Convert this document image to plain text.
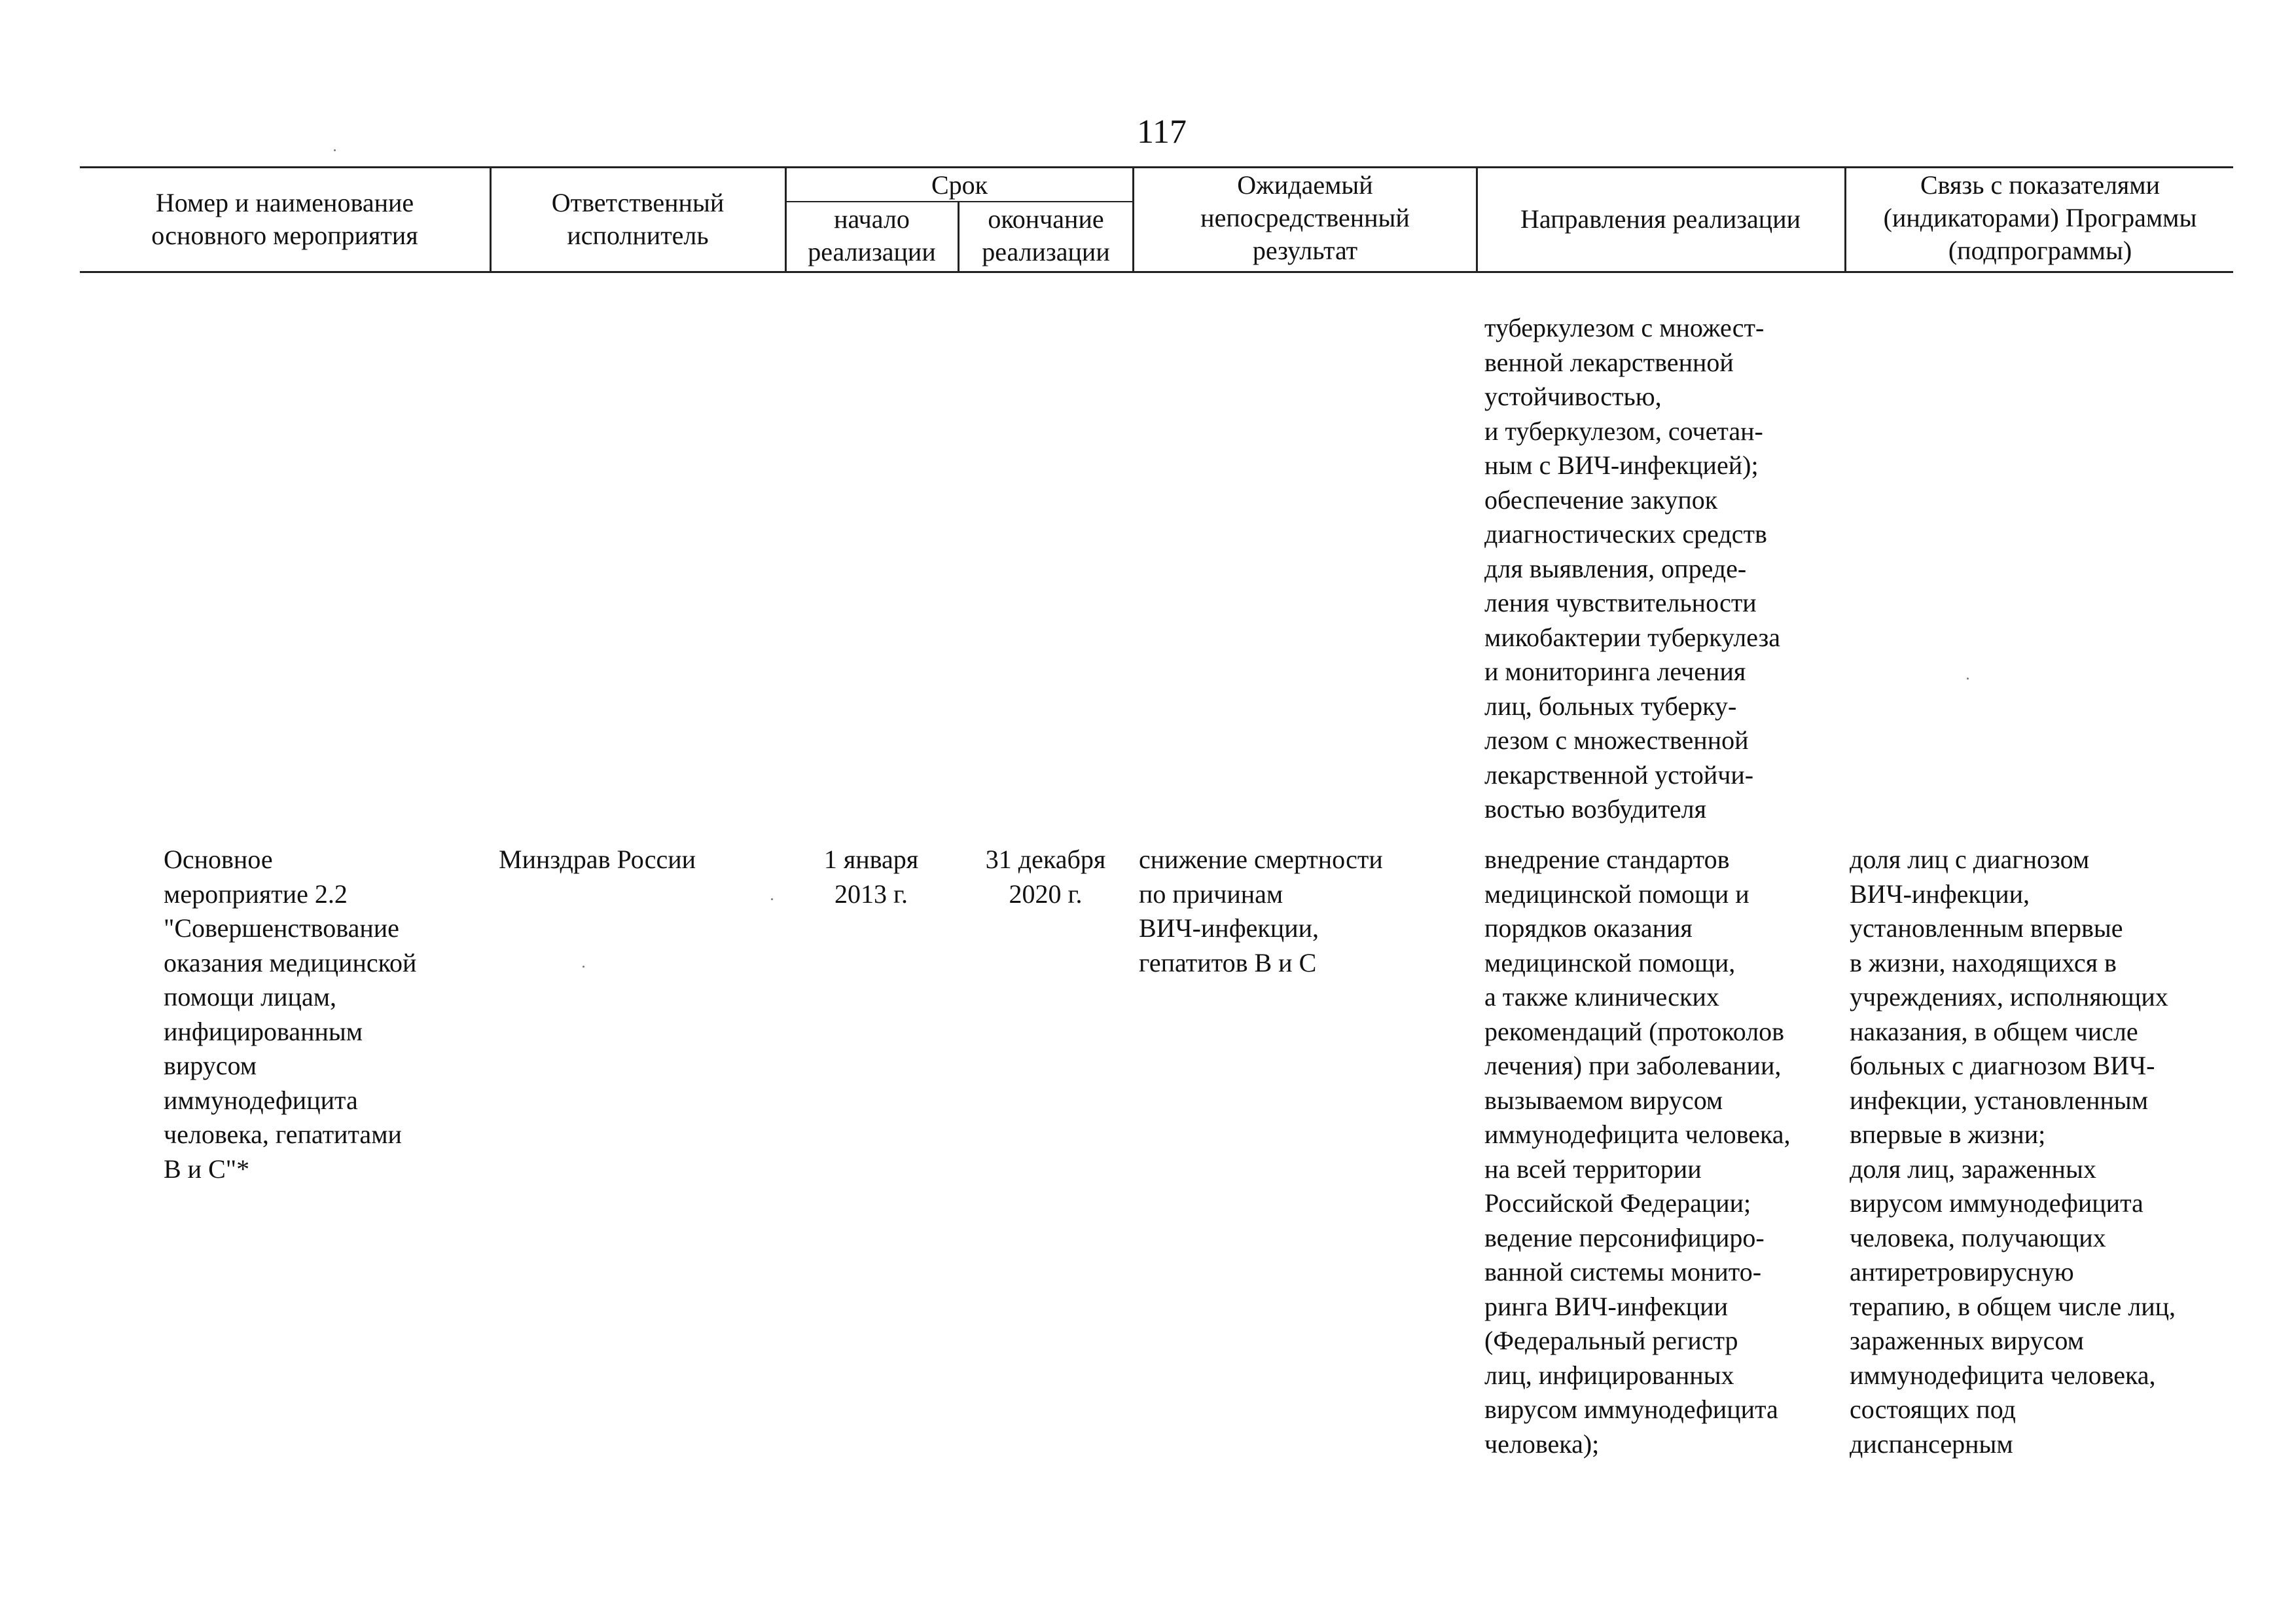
117
Номер и наименование
основного мероприятия
Ответственный
исполнитель
Срок
начало
реализации
окончание
реализации
Ожидаемый
непосредственный
результат
Направления реализации
Связь с показателями
(индикаторами) Программы
(подпрограммы)
туберкулезом с множест-
венной лекарственной
устойчивостью,
и туберкулезом, сочетан-
ным с ВИЧ-инфекцией);
обеспечение закупок
диагностических средств
для выявления, опреде-
ления чувствительности
микобактерии туберкулеза
и мониторинга лечения
лиц, больных туберку-
лезом с множественной
лекарственной устойчи-
востью возбудителя
Основное
мероприятие 2.2
"Совершенствование
оказания медицинской
помощи лицам,
инфицированным
вирусом
иммунодефицита
человека, гепатитами
В и С"*
Минздрав России	1 января
2013 г.
31 декабря
2020 г.
снижение смертности
по причинам
ВИЧ-инфекции,
гепатитов В и С
внедрение стандартов
медицинской помощи и
порядков оказания
медицинской помощи,
а также клинических
рекомендаций (протоколов
лечения) при заболевании,
вызываемом вирусом
иммунодефицита человека,
на всей территории
Российской Федерации;
ведение персонифициро-
ванной системы монито-
ринга ВИЧ-инфекции
(Федеральный регистр
лиц, инфицированных
вирусом иммунодефицита
человека);
доля лиц с диагнозом
ВИЧ-инфекции,
установленным впервые
в жизни, находящихся в
учреждениях, исполняющих
наказания, в общем числе
больных с диагнозом ВИЧ-
инфекции, установленным
впервые в жизни;
доля лиц, зараженных
вирусом иммунодефицита
человека, получающих
антиретровирусную
терапию, в общем числе лиц,
зараженных вирусом
иммунодефицита человека,
состоящих под
диспансерным
